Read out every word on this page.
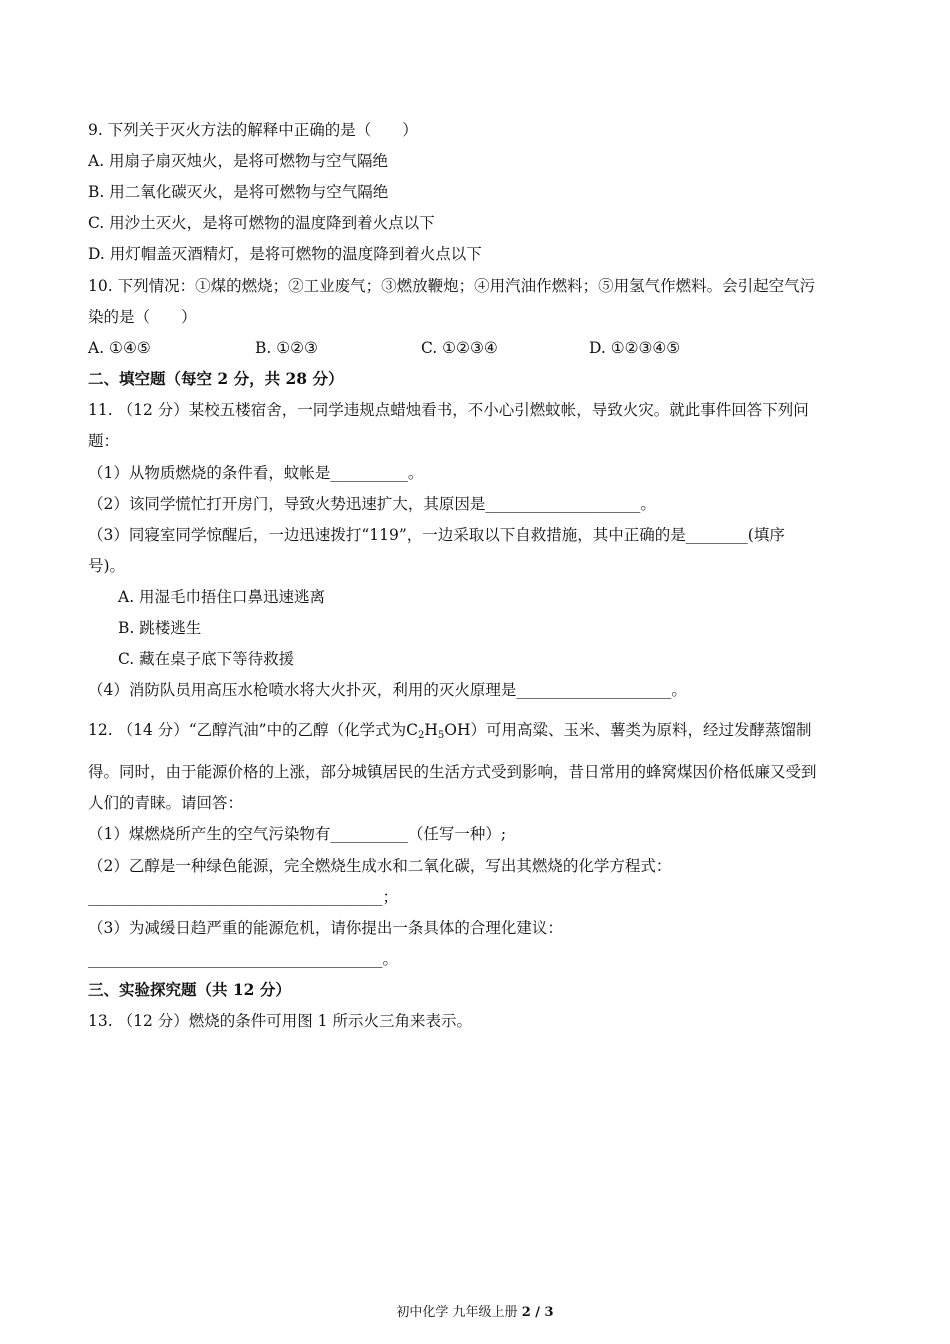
9. 下列关于灭火方法的解释中正确的是（　　）
A. 用扇子扇灭烛火，是将可燃物与空气隔绝
B. 用二氧化碳灭火，是将可燃物与空气隔绝
C. 用沙土灭火，是将可燃物的温度降到着火点以下
D. 用灯帽盖灭酒精灯，是将可燃物的温度降到着火点以下
10. 下列情况：①煤的燃烧；②工业废气；③燃放鞭炮；④用汽油作燃料；⑤用氢气作燃料。会引起空气污
染的是（　　）
A. ①④⑤	B. ①②③	C. ①②③④	D. ①②③④⑤
二、填空题（每空 2 分，共 28 分）
11. （12 分）某校五楼宿舍，一同学违规点蜡烛看书，不小心引燃蚊帐，导致火灾。就此事件回答下列问
题：
（1）从物质燃烧的条件看，蚊帐是__________。
（2）该同学慌忙打开房门，导致火势迅速扩大，其原因是____________________。
（3）同寝室同学惊醒后，一边迅速拨打“119”，一边采取以下自救措施，其中正确的是________(填序
号)。
A. 用湿毛巾捂住口鼻迅速逃离
B. 跳楼逃生
C. 藏在桌子底下等待救援
（4）消防队员用高压水枪喷水将大火扑灭，利用的灭火原理是____________________。
12. （14 分）“乙醇汽油”中的乙醇（化学式为$C_2H_5OH$）可用高粱、玉米、薯类为原料，经过发酵蒸馏制
得。同时，由于能源价格的上涨，部分城镇居民的生活方式受到影响，昔日常用的蜂窝煤因价格低廉又受到
人们的青睐。请回答：
（1）煤燃烧所产生的空气污染物有__________（任写一种）;
（2）乙醇是一种绿色能源，完全燃烧生成水和二氧化碳，写出其燃烧的化学方程式：
______________________________________；
（3）为减缓日趋严重的能源危机，请你提出一条具体的合理化建议：
______________________________________。
三、实验探究题（共 12 分）
13. （12 分）燃烧的条件可用图 1 所示火三角来表示。
初中化学 九年级上册 2 / 3
